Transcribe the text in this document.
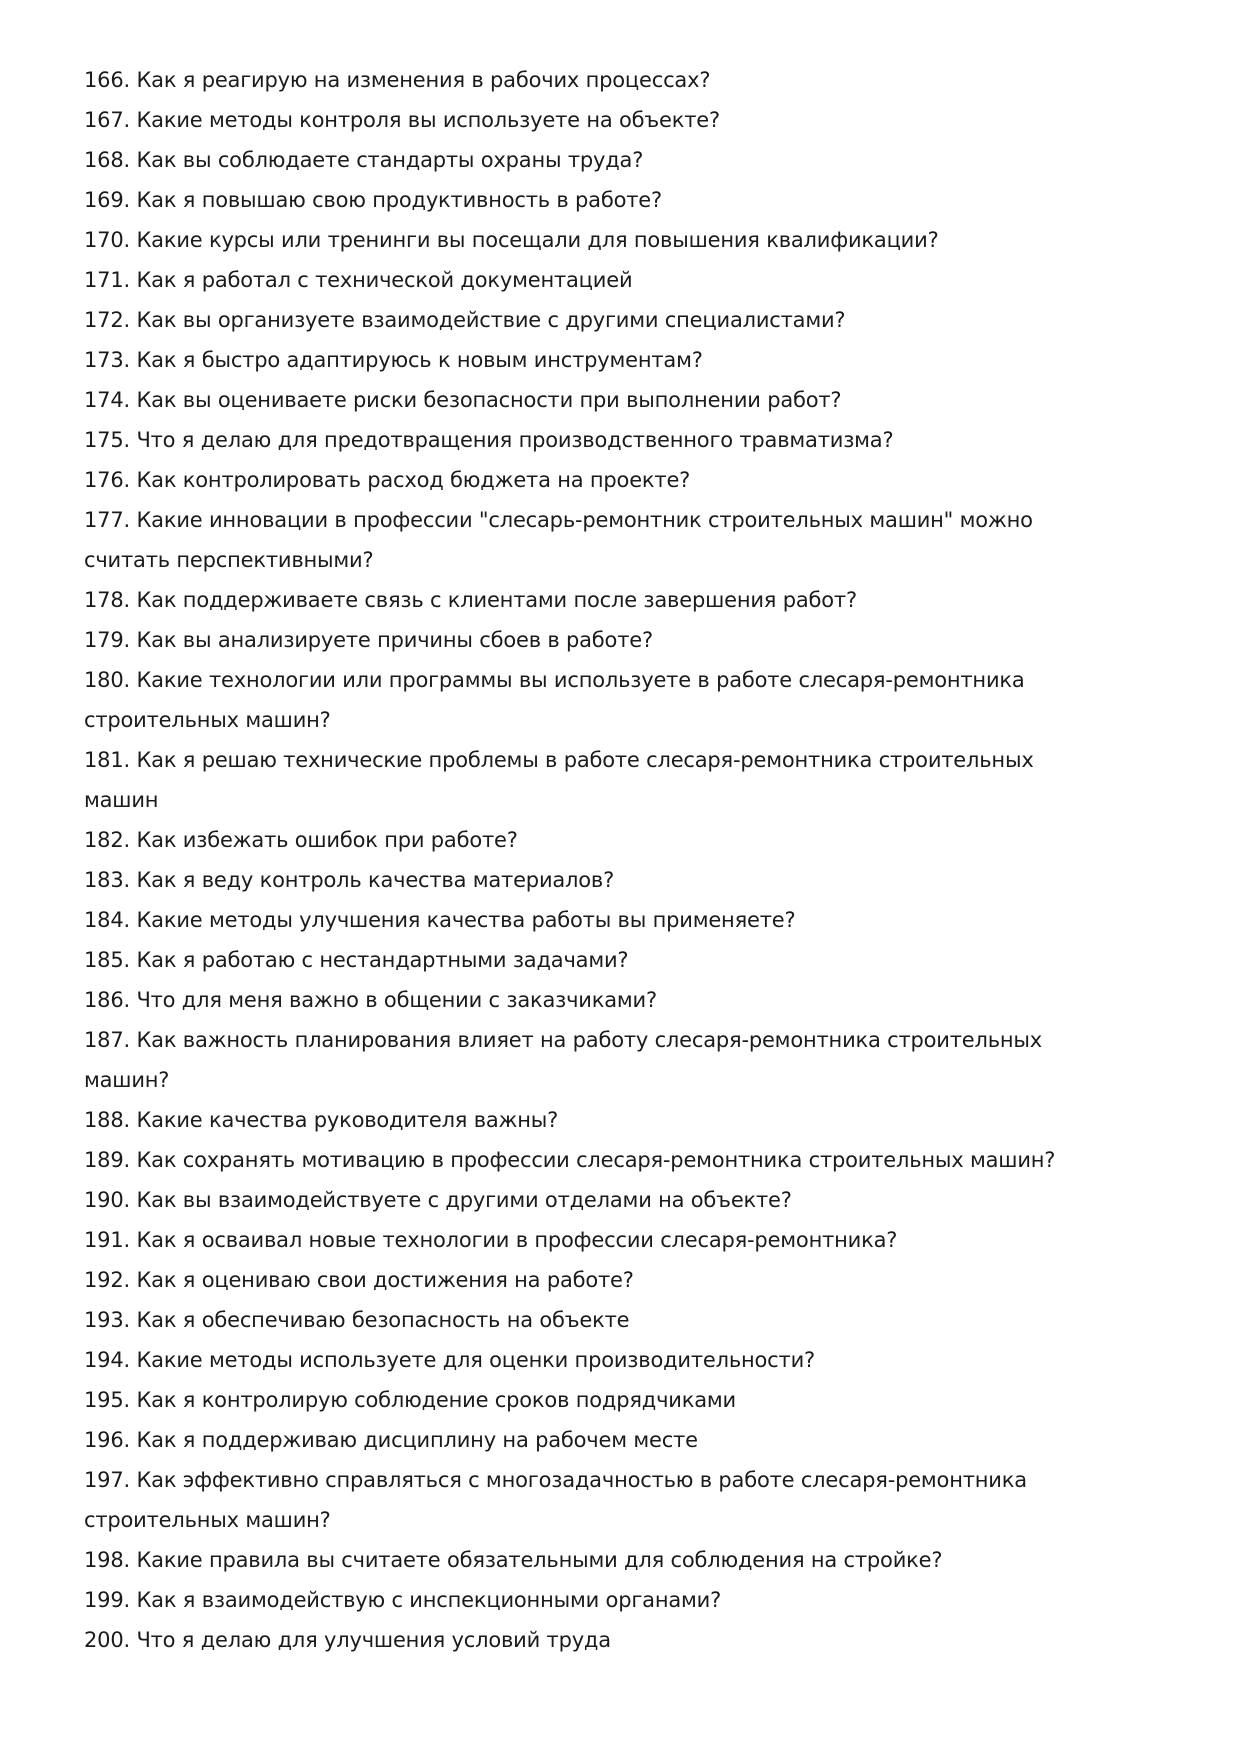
166. Как я реагирую на изменения в рабочих процессах?

167. Какие методы контроля вы используете на объекте?

168. Как вы соблюдаете стандарты охраны труда?

169. Как я повышаю свою продуктивность в работе?

170. Какие курсы или тренинги вы посещали для повышения квалификации?

171. Как я работал с технической документацией

172. Как вы организуете взаимодействие с другими специалистами?

173. Как я быстро адаптируюсь к новым инструментам?

174. Как вы оцениваете риски безопасности при выполнении работ?

175. Что я делаю для предотвращения производственного травматизма?

176. Как контролировать расход бюджета на проекте?

177. Какие инновации в профессии "слесарь-ремонтник строительных машин" можно считать перспективными?

178. Как поддерживаете связь с клиентами после завершения работ?

179. Как вы анализируете причины сбоев в работе?

180. Какие технологии или программы вы используете в работе слесаря-ремонтника строительных машин?

181. Как я решаю технические проблемы в работе слесаря-ремонтника строительных машин

182. Как избежать ошибок при работе?

183. Как я веду контроль качества материалов?

184. Какие методы улучшения качества работы вы применяете?

185. Как я работаю с нестандартными задачами?

186. Что для меня важно в общении с заказчиками?

187. Как важность планирования влияет на работу слесаря-ремонтника строительных машин?

188. Какие качества руководителя важны?

189. Как сохранять мотивацию в профессии слесаря-ремонтника строительных машин?

190. Как вы взаимодействуете с другими отделами на объекте?

191. Как я осваивал новые технологии в профессии слесаря-ремонтника?

192. Как я оцениваю свои достижения на работе?

193. Как я обеспечиваю безопасность на объекте

194. Какие методы используете для оценки производительности?

195. Как я контролирую соблюдение сроков подрядчиками

196. Как я поддерживаю дисциплину на рабочем месте

197. Как эффективно справляться с многозадачностью в работе слесаря-ремонтника строительных машин?

198. Какие правила вы считаете обязательными для соблюдения на стройке?

199. Как я взаимодействую с инспекционными органами?

200. Что я делаю для улучшения условий труда
